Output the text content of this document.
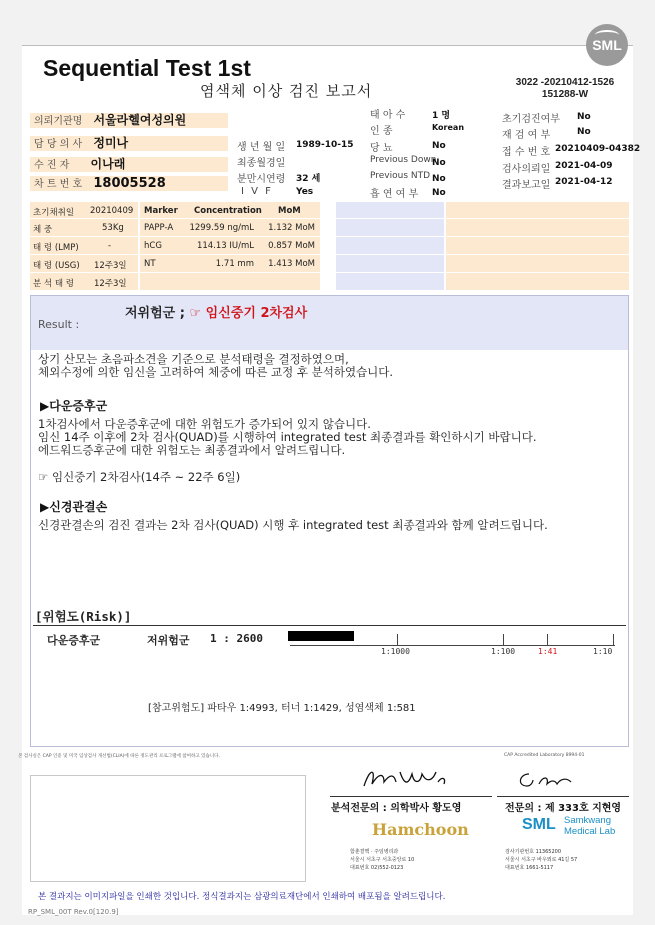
SML
Sequential Test 1st
염색체 이상 검진 보고서	3022 -20210412-1526
151288-W
의뢰기관명 서울라헬여성의원
담 당 의 사 정미나
수 진 자 이나래
차 트 번 호 18005528
생 년 월 일 1989-10-15
최종월경일
분만시연령 32 세
I V F	Yes
태 아 수	1 명
인 종	Korean
당 뇨	No
Previous Down
No
Previous NTD No
흡 연 여 부 No
초기검진여부 No
재 검 여 부	No
접 수 번 호 20210409-04382
검사의뢰일 2021-04-09
결과보고일 2021-04-12
초기채취일 20210409
체 중	53Kg
태 령 (LMP)	-
태 령 (USG) 12주3일
분 석 태 령 12주3일
Marker Concentration MoM
PAPP-A	1299.59 ng/mL	1.132 MoM
hCG	114.13 IU/mL	0.857 MoM
NT	1.71 mm	1.413 MoM
Result :
저위험군 ; ☞ 임신중기 2차검사
상기 산모는 초음파소견을 기준으로 분석태령을 결정하였으며,
체외수정에 의한 임신을 고려하여 체중에 따른 교정 후 분석하였습니다.
▶다운증후군
1차검사에서 다운증후군에 대한 위험도가 증가되어 있지 않습니다.
임신 14주 이후에 2차 검사(QUAD)를 시행하여 integrated test 최종결과를 확인하시기 바랍니다.
에드워드증후군에 대한 위험도는 최종결과에서 알려드립니다.
☞ 임신중기 2차검사(14주 ~ 22주 6일)
▶신경관결손
신경관결손의 검진 결과는 2차 검사(QUAD) 시행 후 integrated test 최종결과와 함께 알려드립니다.
[위험도(Risk)]
다운증후군	저위험군 1 : 2600
1:1000	1:100	1:41	1:10
[참고위험도] 파타우 1:4993, 터너 1:1429, 성염색체 1:581
본 검사실은 CAP 인증 및 미국 임상검사 개선법(CLIA)에 따른 정도관리 프로그램에 참여하고 있습니다.	CAP Accredited Laboratory 8994-01
분석전문의 : 의학박사 황도영	전문의 : 제 333호 지현영
Hamchoon
함춘결핵 · 주임병리과
서울시 서초구 서초중앙로 10
대표번호 02)552-0123
SML Samkwang Medical Lab
검사기관번호 11365200
서울시 서초구 바우뫼로 41길 57
대표번호 1661-5117
본 결과지는 이미지파일을 인쇄한 것입니다. 정식결과지는 삼광의료재단에서 인쇄하여 배포됨을 알려드립니다.
RP_SML_00T Rev.0[120.9]
